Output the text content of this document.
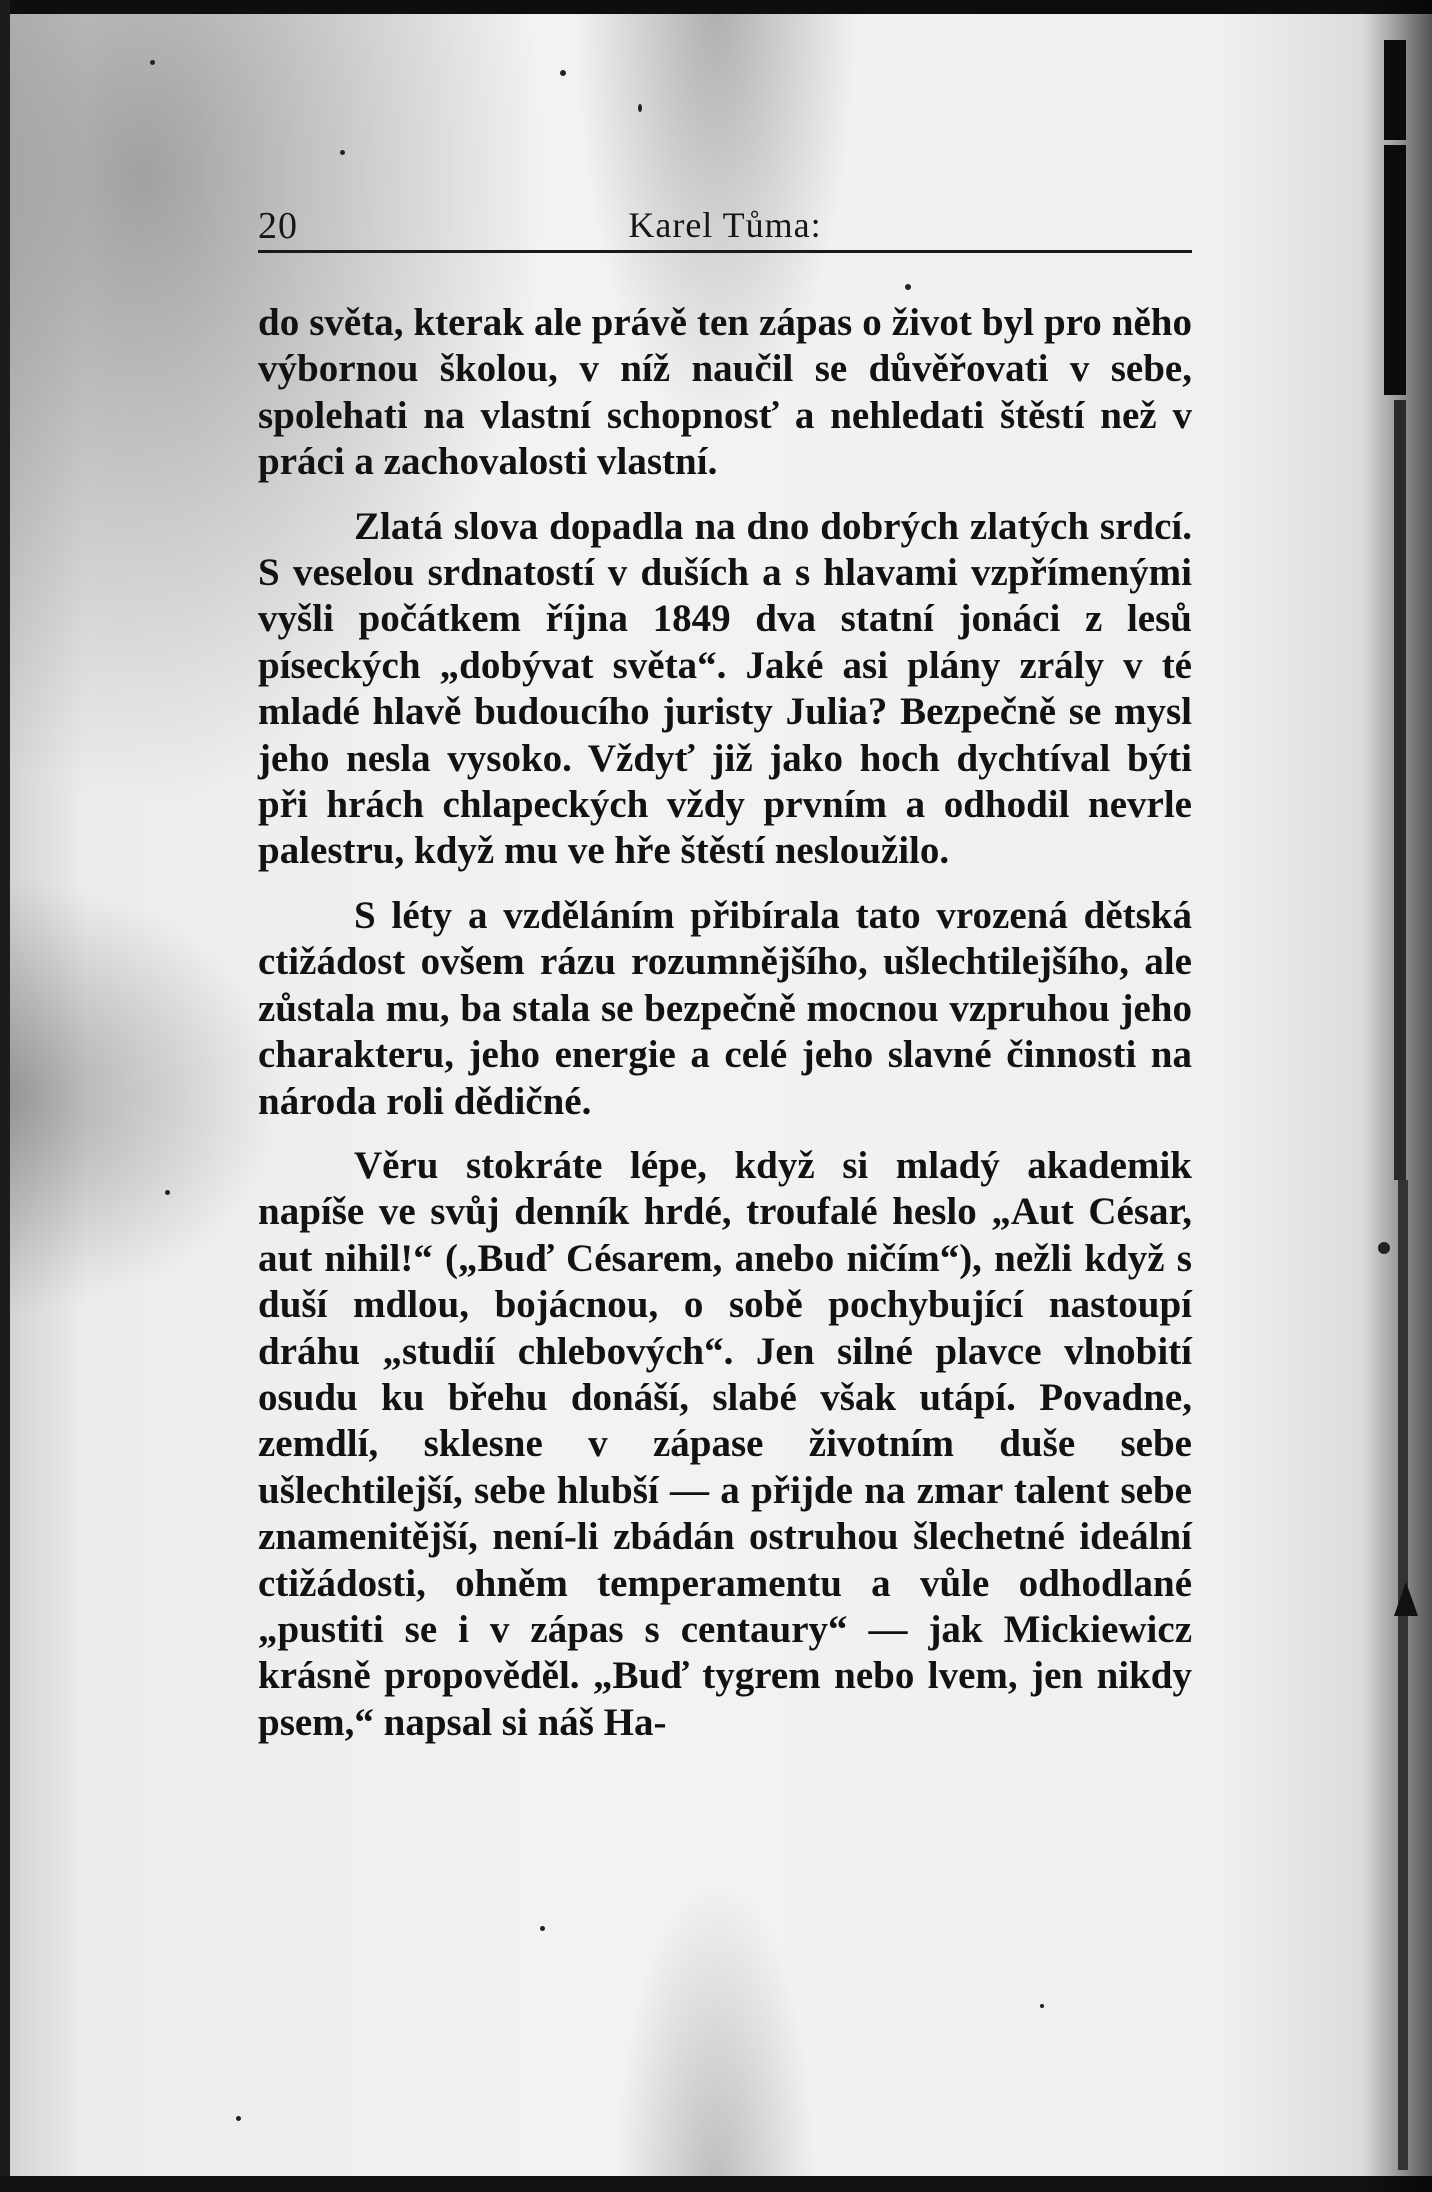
20	Karel Tůma:

do světa, kterak ale právě ten zápas o život byl pro něho výbornou školou, v níž naučil se důvěřovati v sebe, spolehati na vlastní schopnosť a nehledati štěstí než v práci a zachovalosti vlastní.

Zlatá slova dopadla na dno dobrých zlatých srdcí. S veselou srdnatostí v duších a s hlavami vzpřímenými vyšli počátkem října 1849 dva statní jonáci z lesů píseckých „dobývat světa“. Jaké asi plány zrály v té mladé hlavě budoucího juristy Julia? Bezpečně se mysl jeho nesla vysoko. Vždyť již jako hoch dychtíval býti při hrách chlapeckých vždy prvním a odhodil nevrle palestru, když mu ve hře štěstí nesloužilo.

S léty a vzděláním přibírala tato vrozená dětská ctižádost ovšem rázu rozumnějšího, ušlechtilejšího, ale zůstala mu, ba stala se bezpečně mocnou vzpruhou jeho charakteru, jeho energie a celé jeho slavné činnosti na národa roli dědičné.

Věru stokráte lépe, když si mladý akademik napíše ve svůj denník hrdé, troufalé heslo „Aut César, aut nihil!“ („Buď Césarem, anebo ničím“), nežli když s duší mdlou, bojácnou, o sobě pochybující nastoupí dráhu „studií chlebových“. Jen silné plavce vlnobití osudu ku břehu donáší, slabé však utápí. Povadne, zemdlí, sklesne v zápase životním duše sebe ušlechtilejší, sebe hlubší — a přijde na zmar talent sebe znamenitější, není-li zbádán ostruhou šlechetné ideální ctižádosti, ohněm temperamentu a vůle odhodlané „pustiti se i v zápas s centaury“ — jak Mickiewicz krásně propověděl. „Buď tygrem nebo lvem, jen nikdy psem,“ napsal si náš Ha-
